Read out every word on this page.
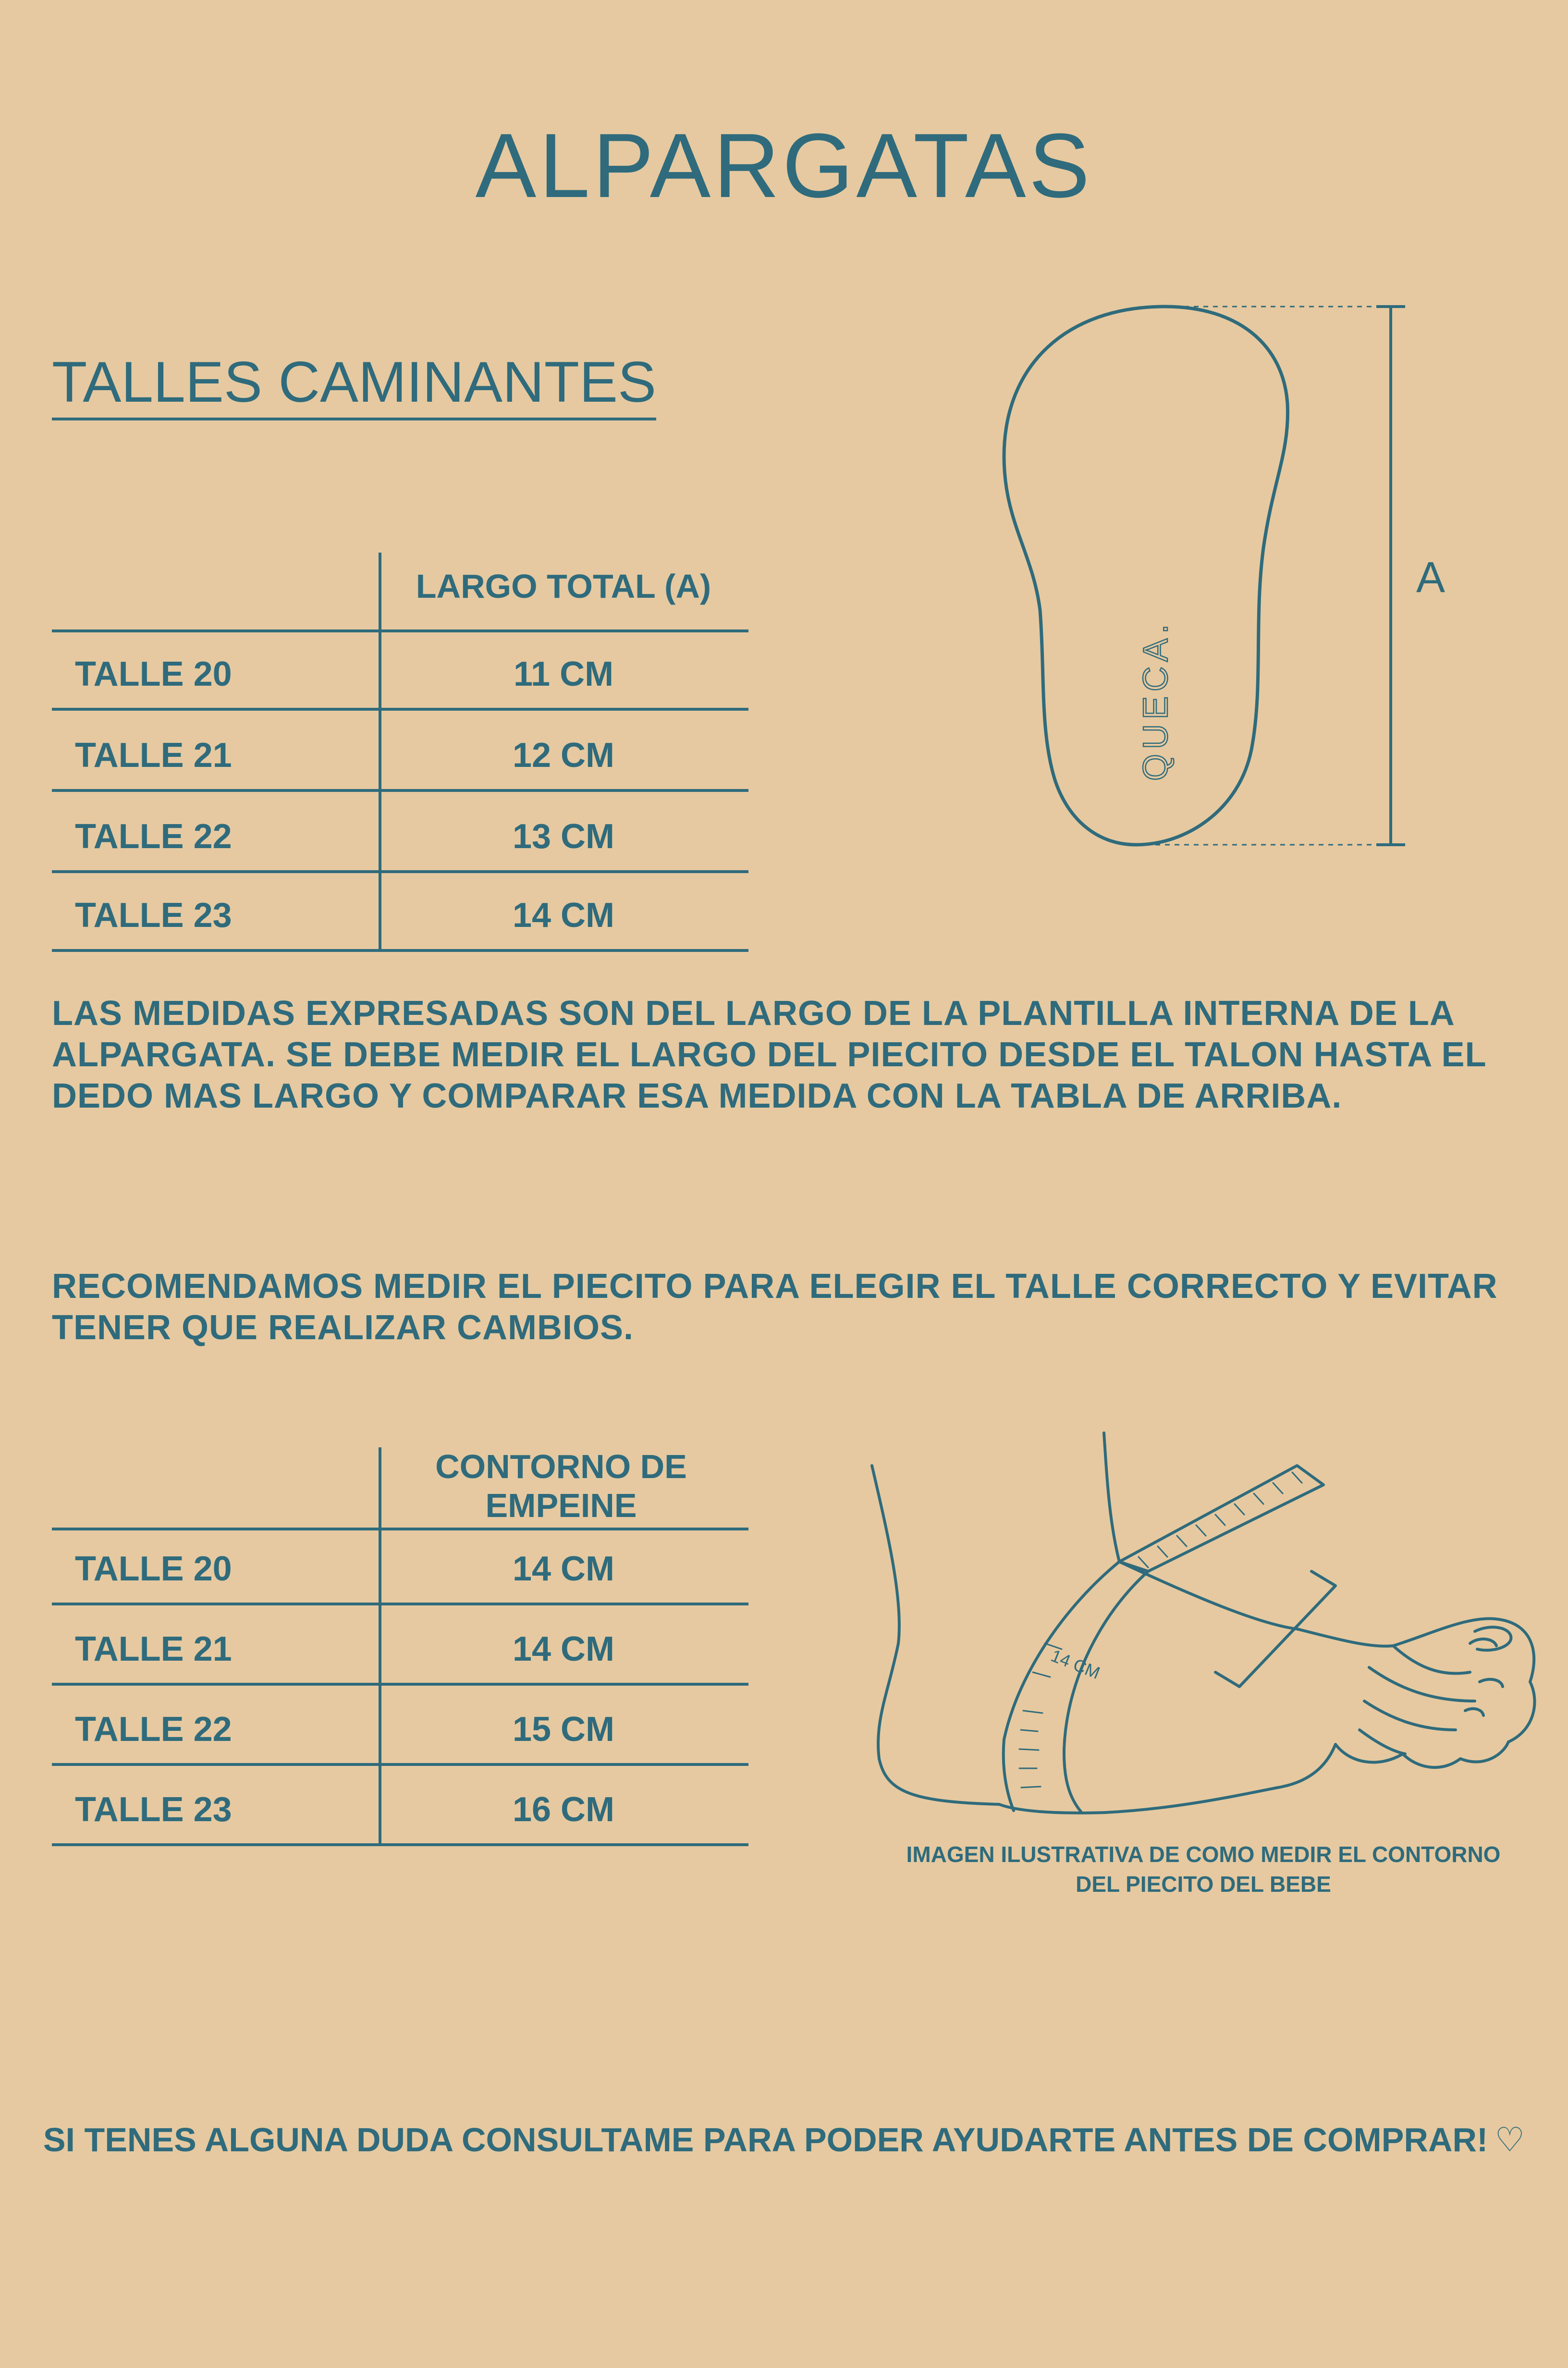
ALPARGATAS
TALLES CAMINANTES
LARGO TOTAL (A)
TALLE 20	11 CM
TALLE 21	12 CM
TALLE 22	13 CM
TALLE 23	14 CM
A
QUECA.

LAS MEDIDAS EXPRESADAS SON DEL LARGO DE LA PLANTILLA INTERNA DE LA ALPARGATA. SE DEBE MEDIR EL LARGO DEL PIECITO DESDE EL TALON HASTA EL DEDO MAS LARGO Y COMPARAR ESA MEDIDA CON LA TABLA DE ARRIBA.

RECOMENDAMOS MEDIR EL PIECITO PARA ELEGIR EL TALLE CORRECTO Y EVITAR TENER QUE REALIZAR CAMBIOS.

CONTORNO DE EMPEINE
TALLE 20	14 CM
TALLE 21	14 CM
TALLE 22	15 CM
TALLE 23	16 CM
14 CM
IMAGEN ILUSTRATIVA DE COMO MEDIR EL CONTORNO DEL PIECITO DEL BEBE
SI TENES ALGUNA DUDA CONSULTAME PARA PODER AYUDARTE ANTES DE COMPRAR! ♡
